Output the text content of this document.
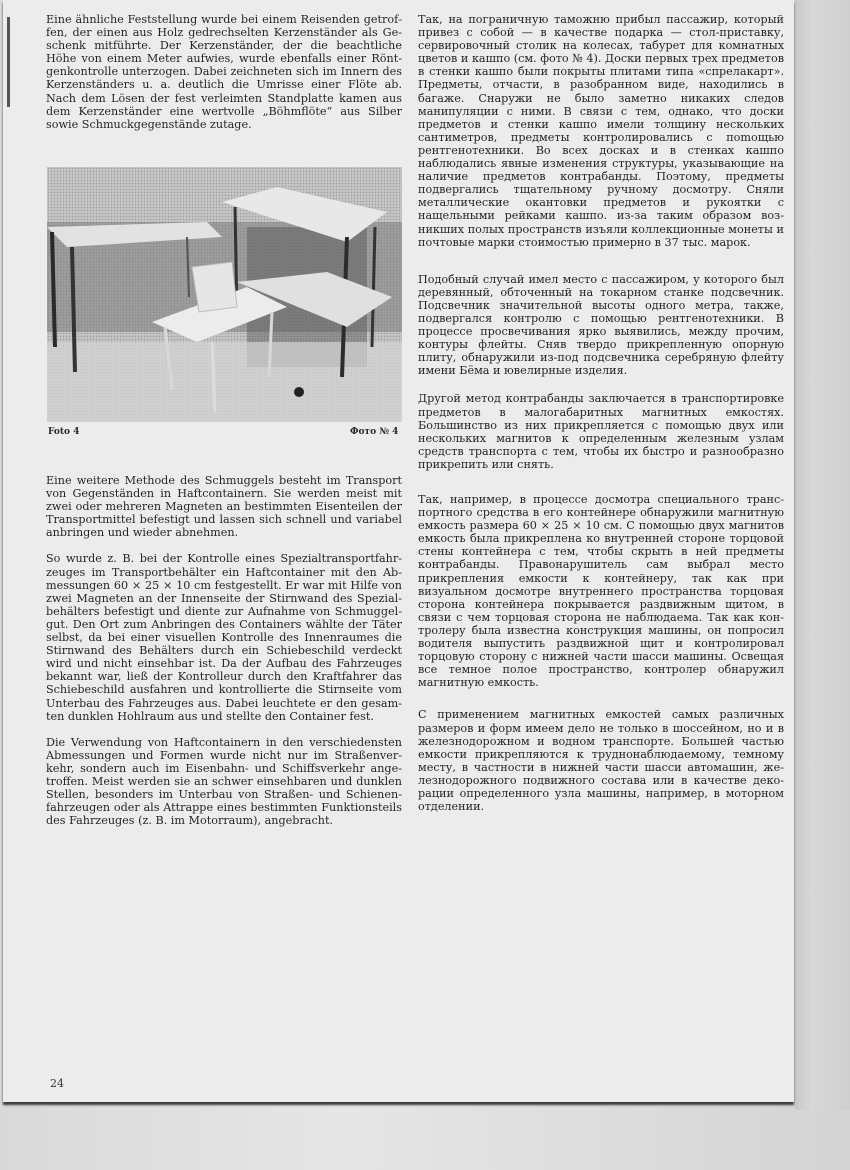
Eine ähnliche Feststellung wurde bei einem Reisenden getroffen, der einen aus Holz gedrechselten Kerzenständer als Geschenk mitführte. Der Kerzenständer, der die beachtliche Höhe von einem Meter aufwies, wurde ebenfalls einer Röntgenkontrolle unterzogen. Dabei zeichneten sich im Innern des Kerzenständers u. a. deutlich die Umrisse einer Flöte ab. Nach dem Lösen der fest verleimten Standplatte kamen aus dem Kerzenständer eine wertvolle „Böhmflöte“ aus Silber sowie Schmuckgegenstände zutage.

Foto 4	Фото № 4

Eine weitere Methode des Schmuggels besteht im Transport von Gegenständen in Haftcontainern. Sie werden meist mit zwei oder mehreren Magneten an bestimmten Eisenteilen der Transportmittel befestigt und lassen sich schnell und variabel anbringen und wieder abnehmen.

So wurde z. B. bei der Kontrolle eines Spezialtransportfahrzeuges im Transportbehälter ein Haftcontainer mit den Abmessungen 60 × 25 × 10 cm festgestellt. Er war mit Hilfe von zwei Magneten an der Innenseite der Stirnwand des Spezialbehälters befestigt und diente zur Aufnahme von Schmuggelgut. Den Ort zum Anbringen des Containers wählte der Täter selbst, da bei einer visuellen Kontrolle des Innenraumes die Stirnwand des Behälters durch ein Schiebeschild verdeckt wird und nicht einsehbar ist. Da der Aufbau des Fahrzeuges bekannt war, ließ der Kontrolleur durch den Kraftfahrer das Schiebeschild ausfahren und kontrollierte die Stirnseite vom Unterbau des Fahrzeuges aus. Dabei leuchtete er den gesamten dunklen Hohlraum aus und stellte den Container fest.

Die Verwendung von Haftcontainern in den verschiedensten Abmessungen und Formen wurde nicht nur im Straßenverkehr, sondern auch im Eisenbahn- und Schiffsverkehr angetroffen. Meist werden sie an schwer einsehbaren und dunklen Stellen, besonders im Unterbau von Straßen- und Schienenfahrzeugen oder als Attrappe eines bestimmten Funktionsteils des Fahrzeuges (z. B. im Motorraum), angebracht.

Так, на пограничную таможню прибыл пассажир, который привез с собой — в качестве подарка — стол-приставку, сервировочный столик на колесах, табурет для комнатных цветов и кашпо (см. фото № 4). Доски первых трех предметов в стенки кашпо были покрыты плитами типа «спрелакарт». Предметы, отчасти, в разобранном виде, находились в багаже. Снаружи не было заметно никаких следов манипуляции с ними. В связи с тем, однако, что доски предметов и стенки кашпо имели толщину нескольких сантиметров, предметы контролировались с поmощью рентгенотехники. Во всех досках и в стенках кашпо наблюдались явные изменения структуры, указывающие на наличие предметов контрабанды. Поэтому, предметы подвергались тщательному ручному досмотру. Сняли металлические окантовки предметов и рукоятки с нащельными рейками кашпо. из-за таким образом возникших полых пространств изъяли коллекционные монеты и почтовые марки стоимостью примерно в 37 тыс. марок.

Подобный случай имел место с пассажиром, у которого был деревянный, обточенный на токарном станке подсвечник. Подсвечник значительной высоты одного метра, также, подвергался контролю с помощью рентгенотехники. В процессе просвечивания ярко выявились, между прочим, контуры флейты. Сняв твердо прикрепленную опорную плиту, обнаружили из-под подсвечника серебряную флейту имени Бёма и ювелирные изделия.

Другой метод контрабанды заключается в транспортировке предметов в малогабаритных магнитных емкостях. Большинство из них прикрепляется с помощью двух или нескольких магнитов к определенным железным узлам средств транспорта с тем, чтобы их быстро и разнообразно прикрепить или снять.

Так, например, в процессе досмотра специального транспортного средства в его контейнере обнаружили магнитную емкость размера 60 × 25 × 10 см. С помощью двух магнитов емкость была прикреплена ко внутренней стороне торцовой стены контейнера с тем, чтобы скрыть в ней предметы контрабанды. Правонарушитель сам выбрал место прикрепления емкости к контейнеру, так как при визуальном досмотре внутреннего пространства торцовая сторона контейнера покрывается раздвижным щитом, в связи с чем торцовая сторона не наблюдаема. Так как контролеру была известна конструкция машины, он попросил водителя выпустить раздвижной щит и контролировал торцовую сторону с нижней части шасси машины. Освещая все темное полое пространство, контролер обнаружил магнитную емкость.

С применением магнитных емкостей самых различных размеров и форм имеем дело не только в шоссейном, но и в железнодорожном и водном транспорте. Большей частью емкости прикрепляются к труднонаблюдаемому, темному месту, в частности в нижней части шасси автомашин, железнодорожного подвижного состава или в качестве декорации определенного узла машины, например, в моторном отделении.

24
